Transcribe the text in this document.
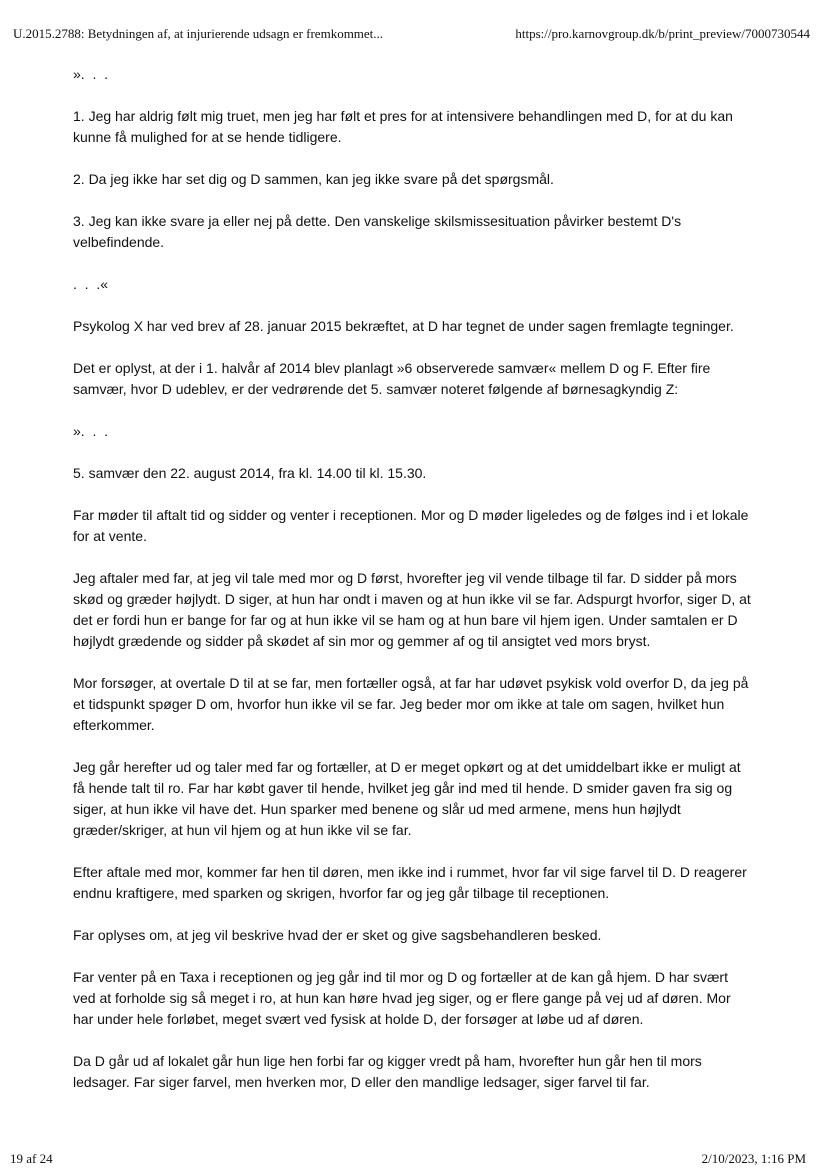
U.2015.2788: Betydningen af, at injurierende udsagn er fremkommet...	https://pro.karnovgroup.dk/b/print_preview/7000730544

».  .  .

1. Jeg har aldrig følt mig truet, men jeg har følt et pres for at intensivere behandlingen med D, for at du kan kunne få mulighed for at se hende tidligere.

2. Da jeg ikke har set dig og D sammen, kan jeg ikke svare på det spørgsmål.

3. Jeg kan ikke svare ja eller nej på dette. Den vanskelige skilsmissesituation påvirker bestemt D's velbefindende.

.  .  .«

Psykolog X har ved brev af 28. januar 2015 bekræftet, at D har tegnet de under sagen fremlagte tegninger.

Det er oplyst, at der i 1. halvår af 2014 blev planlagt »6 observerede samvær« mellem D og F. Efter fire samvær, hvor D udeblev, er der vedrørende det 5. samvær noteret følgende af børnesagkyndig Z:

».  .  .

5. samvær den 22. august 2014, fra kl. 14.00 til kl. 15.30.

Far møder til aftalt tid og sidder og venter i receptionen. Mor og D møder ligeledes og de følges ind i et lokale for at vente.

Jeg aftaler med far, at jeg vil tale med mor og D først, hvorefter jeg vil vende tilbage til far. D sidder på mors skød og græder højlydt. D siger, at hun har ondt i maven og at hun ikke vil se far. Adspurgt hvorfor, siger D, at det er fordi hun er bange for far og at hun ikke vil se ham og at hun bare vil hjem igen. Under samtalen er D højlydt grædende og sidder på skødet af sin mor og gemmer af og til ansigtet ved mors bryst.

Mor forsøger, at overtale D til at se far, men fortæller også, at far har udøvet psykisk vold overfor D, da jeg på et tidspunkt spøger D om, hvorfor hun ikke vil se far. Jeg beder mor om ikke at tale om sagen, hvilket hun efterkommer.

Jeg går herefter ud og taler med far og fortæller, at D er meget opkørt og at det umiddelbart ikke er muligt at få hende talt til ro. Far har købt gaver til hende, hvilket jeg går ind med til hende. D smider gaven fra sig og siger, at hun ikke vil have det. Hun sparker med benene og slår ud med armene, mens hun højlydt græder/skriger, at hun vil hjem og at hun ikke vil se far.

Efter aftale med mor, kommer far hen til døren, men ikke ind i rummet, hvor far vil sige farvel til D. D reagerer endnu kraftigere, med sparken og skrigen, hvorfor far og jeg går tilbage til receptionen.

Far oplyses om, at jeg vil beskrive hvad der er sket og give sagsbehandleren besked.

Far venter på en Taxa i receptionen og jeg går ind til mor og D og fortæller at de kan gå hjem. D har svært ved at forholde sig så meget i ro, at hun kan høre hvad jeg siger, og er flere gange på vej ud af døren. Mor har under hele forløbet, meget svært ved fysisk at holde D, der forsøger at løbe ud af døren.

Da D går ud af lokalet går hun lige hen forbi far og kigger vredt på ham, hvorefter hun går hen til mors ledsager. Far siger farvel, men hverken mor, D eller den mandlige ledsager, siger farvel til far.

19 af 24	2/10/2023, 1:16 PM
